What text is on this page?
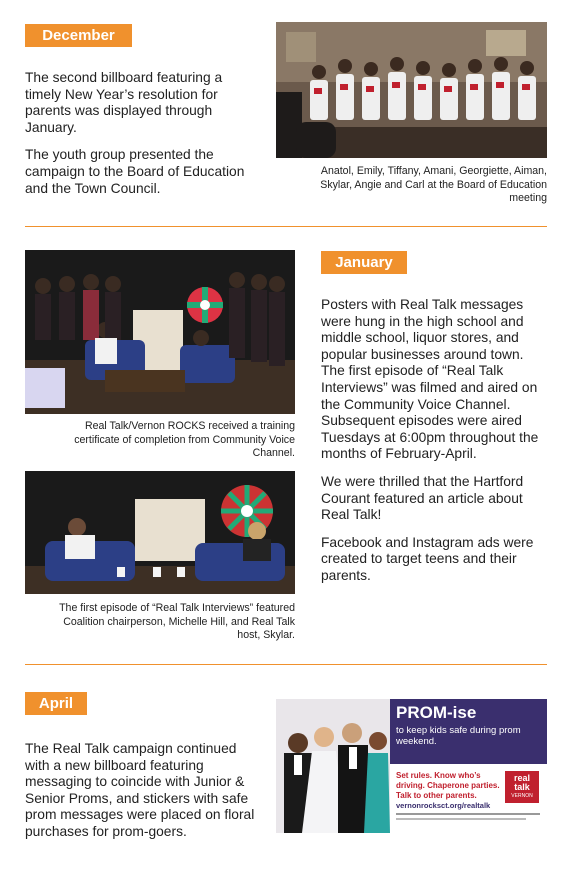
December

The second billboard featuring a timely New Year’s resolution for parents was displayed through January.

The youth group presented the campaign to the Board of Education and the Town Council.

Anatol, Emily, Tiffany, Amani, Georgiette, Aiman, Skylar, Angie and Carl at the Board of Education meeting
Real Talk/Vernon ROCKS received a training certificate of completion from Community Voice Channel.
The first episode of “Real Talk Interviews” featured Coalition chairperson, Michelle Hill, and Real Talk host, Skylar.
January

Posters with Real Talk messages were hung in the high school and middle school, liquor stores, and popular businesses around town. The first episode of “Real Talk Interviews” was filmed and aired on the Community Voice Channel. Subsequent episodes were aired Tuesdays at 6:00pm throughout the months of February-April.

We were thrilled that the Hartford Courant featured an article about Real Talk!

Facebook and Instagram ads were created to target teens and their parents.

April

The Real Talk campaign continued with a new billboard featuring messaging to coincide with Junior & Senior Proms, and stickers with safe prom messages were placed on floral purchases for prom-goers.

PROM-ise
to keep kids safe during prom weekend.
Set rules. Know who’s driving. Chaperone parties. Talk to other parents.
vernonrocksct.org/realtalk
real
talk
VERNON
